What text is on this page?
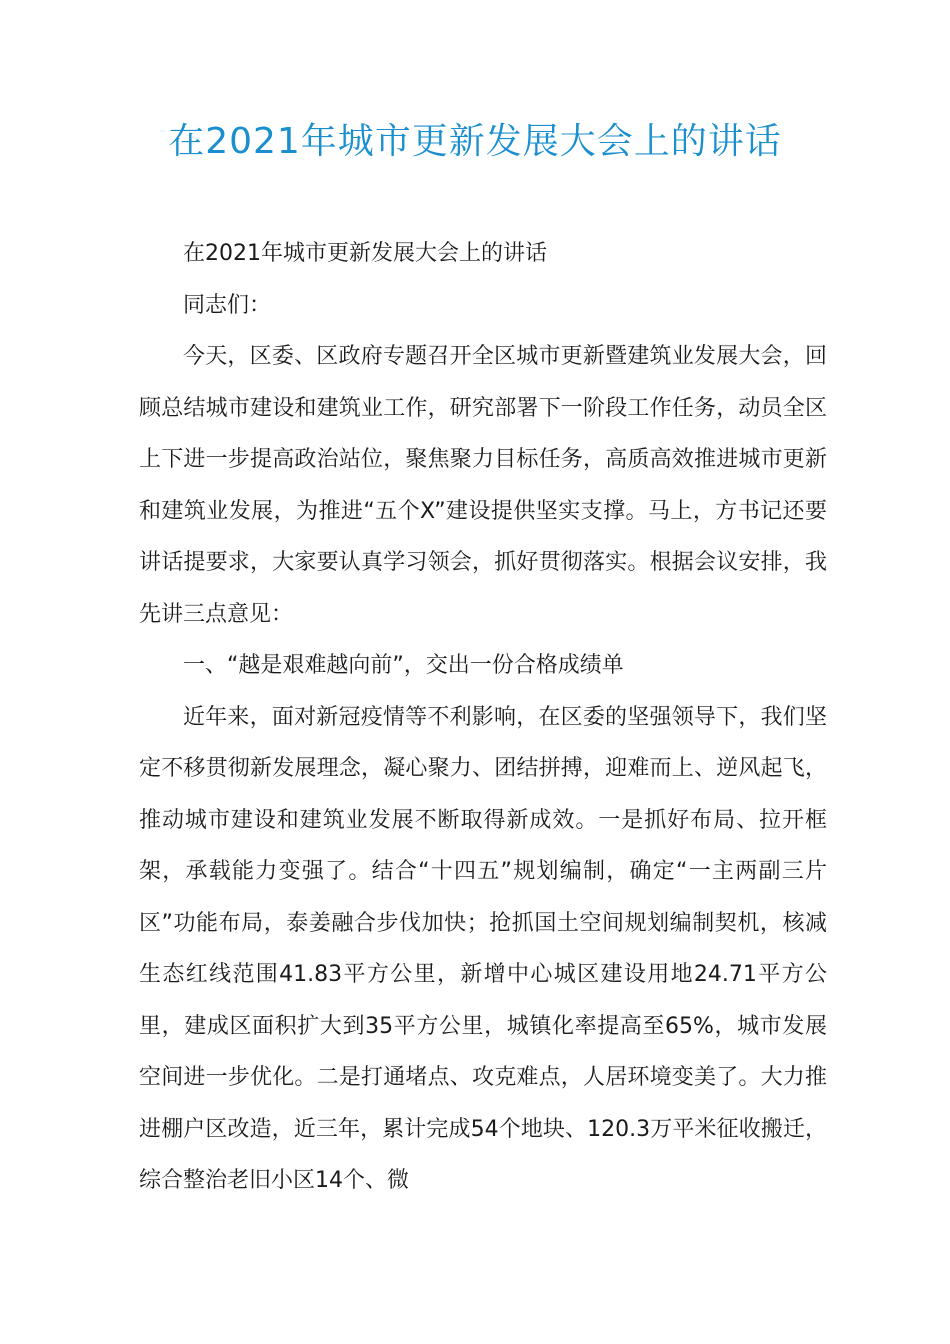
在2021年城市更新发展大会上的讲话

在2021年城市更新发展大会上的讲话

同志们：

今天，区委、区政府专题召开全区城市更新暨建筑业发展大会，回顾总结城市建设和建筑业工作，研究部署下一阶段工作任务，动员全区上下进一步提高政治站位，聚焦聚力目标任务，高质高效推进城市更新和建筑业发展，为推进“五个X”建设提供坚实支撑。马上，方书记还要讲话提要求，大家要认真学习领会，抓好贯彻落实。根据会议安排，我先讲三点意见：

一、“越是艰难越向前”，交出一份合格成绩单

近年来，面对新冠疫情等不利影响，在区委的坚强领导下，我们坚定不移贯彻新发展理念，凝心聚力、团结拼搏，迎难而上、逆风起飞，推动城市建设和建筑业发展不断取得新成效。一是抓好布局、拉开框架，承载能力变强了。结合“十四五”规划编制，确定“一主两副三片区”功能布局，泰姜融合步伐加快；抢抓国土空间规划编制契机，核减生态红线范围41.83平方公里，新增中心城区建设用地24.71平方公里，建成区面积扩大到35平方公里，城镇化率提高至65%，城市发展空间进一步优化。二是打通堵点、攻克难点，人居环境变美了。大力推进棚户区改造，近三年，累计完成54个地块、120.3万平米征收搬迁，综合整治老旧小区14个、微
